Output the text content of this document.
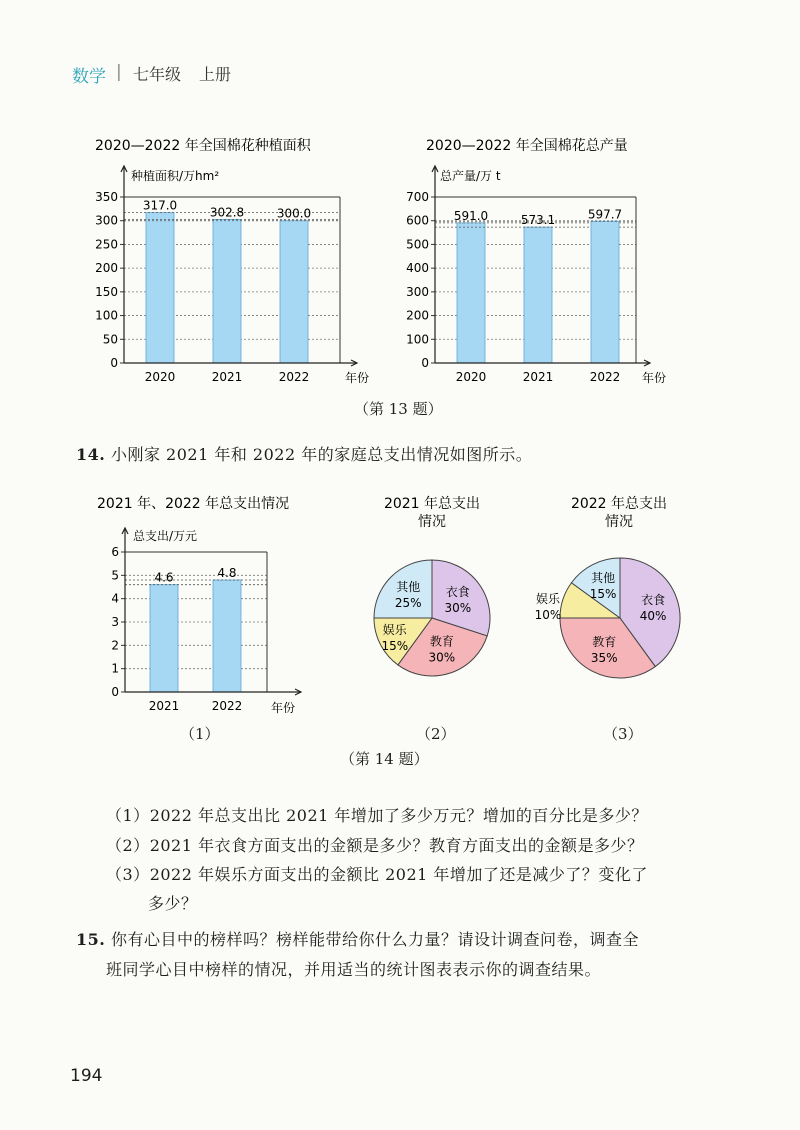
数学 | 七年级 上册
2020—2022 年全国棉花种植面积
种植面积/万hm²
317.0
2020
302.8
2021
300.0
2022
0
50
100
150
200
250
300
350
年份
2020—2022 年全国棉花总产量
总产量/万 t
591.0
2020
573.1
2021
597.7
2022
0
100
200
300
400
500
600
700
年份
（第 13 题）
14. 小刚家 2021 年和 2022 年的家庭总支出情况如图所示。
2021 年、2022 年总支出情况
总支出/万元
4.6
2021
4.8
2022
0
1
2
3
4
5
6
年份
2021 年总支出
情况
衣食
30%
教育
30%
娱乐
15%
其他
25%
2022 年总支出
情况
衣食
40%
教育
35%
娱乐
10%
其他
15%
（1）	（2）	（3）
（第 14 题）
（1）2022 年总支出比 2021 年增加了多少万元？增加的百分比是多少？
（2）2021 年衣食方面支出的金额是多少？教育方面支出的金额是多少？
（3）2022 年娱乐方面支出的金额比 2021 年增加了还是减少了？变化了
多少？
15. 你有心目中的榜样吗？榜样能带给你什么力量？请设计调查问卷，调查全
班同学心目中榜样的情况，并用适当的统计图表表示你的调查结果。
194
